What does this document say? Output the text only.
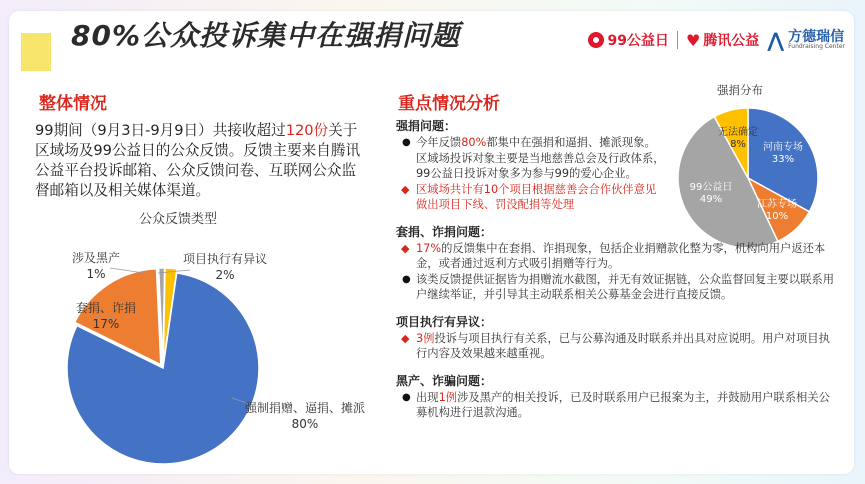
80%公众投诉集中在强捐问题	99公益日 ♥ 腾讯公益 ⋀ 方德瑞信
Fundraising Center
整体情况
99期间（9月3日-9月9日）共接收超过120份关于区域场及99公益日的公众反馈。反馈主要来自腾讯公益平台投诉邮箱、公众反馈问卷、互联网公众监督邮箱以及相关媒体渠道。
公众反馈类型
强制捐赠、逼捐、摊派
80%
套捐、诈捐
17%
涉及黑产
1%
项目执行有异议
2%
强捐分布
河南专场
33%
江苏专场
10%
99公益日
49%
无法确定
8%
重点情况分析
强捐问题：
● 今年反馈80%都集中在强捐和逼捐、摊派现象。区域场投诉对象主要是当地慈善总会及行政体系，99公益日投诉对象多为参与99的爱心企业。
◆ 区域场共计有10个项目根据慈善会合作伙伴意见做出项目下线、罚没配捐等处理
套捐、诈捐问题：
◆ 17%的反馈集中在套捐、诈捐现象，包括企业捐赠款化整为零，机构向用户返还本金，或者通过返利方式吸引捐赠等行为。
● 该类反馈提供证据皆为捐赠流水截图，并无有效证据链，公众监督回复主要以联系用户继续举证，并引导其主动联系相关公募基金会进行直接反馈。
项目执行有异议：
◆ 3例投诉与项目执行有关系，已与公募沟通及时联系并出具对应说明。用户对项目执行内容及效果越来越重视。
黑产、诈骗问题：
● 出现1例涉及黑产的相关投诉，已及时联系用户已报案为主，并鼓励用户联系相关公募机构进行退款沟通。
